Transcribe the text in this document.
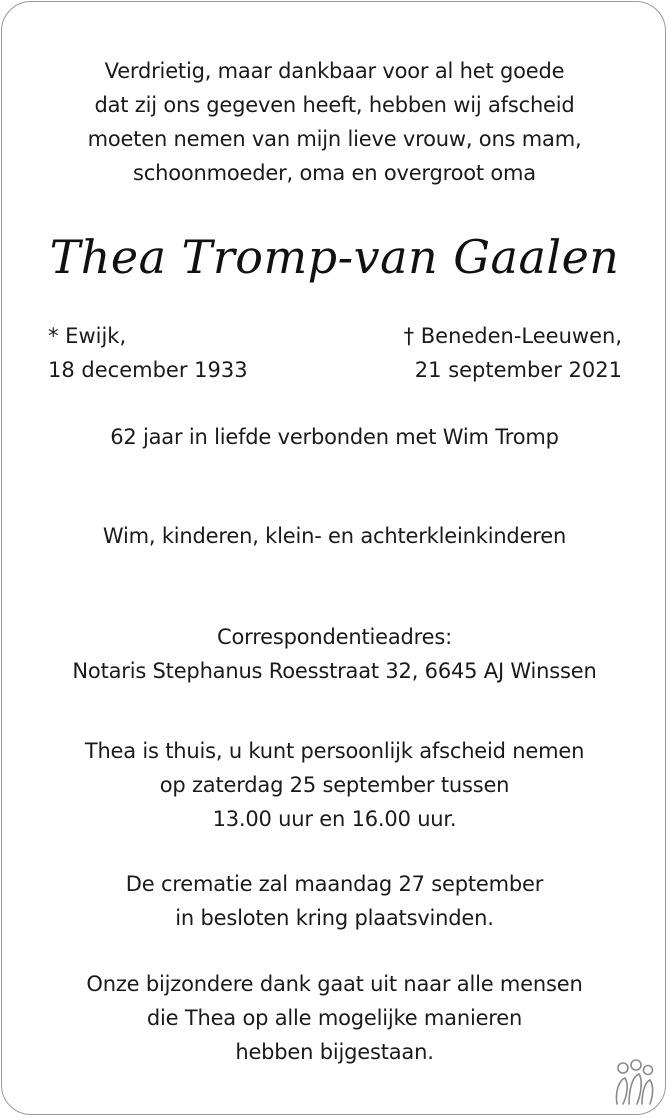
Verdrietig, maar dankbaar voor al het goede
dat zij ons gegeven heeft, hebben wij afscheid
moeten nemen van mijn lieve vrouw, ons mam,
schoonmoeder, oma en overgroot oma
Thea Tromp-van Gaalen
* Ewijk,
18 december 1933
† Beneden-Leeuwen,
21 september 2021
62 jaar in liefde verbonden met Wim Tromp
Wim, kinderen, klein- en achterkleinkinderen
Correspondentieadres:
Notaris Stephanus Roesstraat 32, 6645 AJ Winssen
Thea is thuis, u kunt persoonlijk afscheid nemen
op zaterdag 25 september tussen
13.00 uur en 16.00 uur.
De crematie zal maandag 27 september
in besloten kring plaatsvinden.
Onze bijzondere dank gaat uit naar alle mensen
die Thea op alle mogelijke manieren
hebben bijgestaan.
